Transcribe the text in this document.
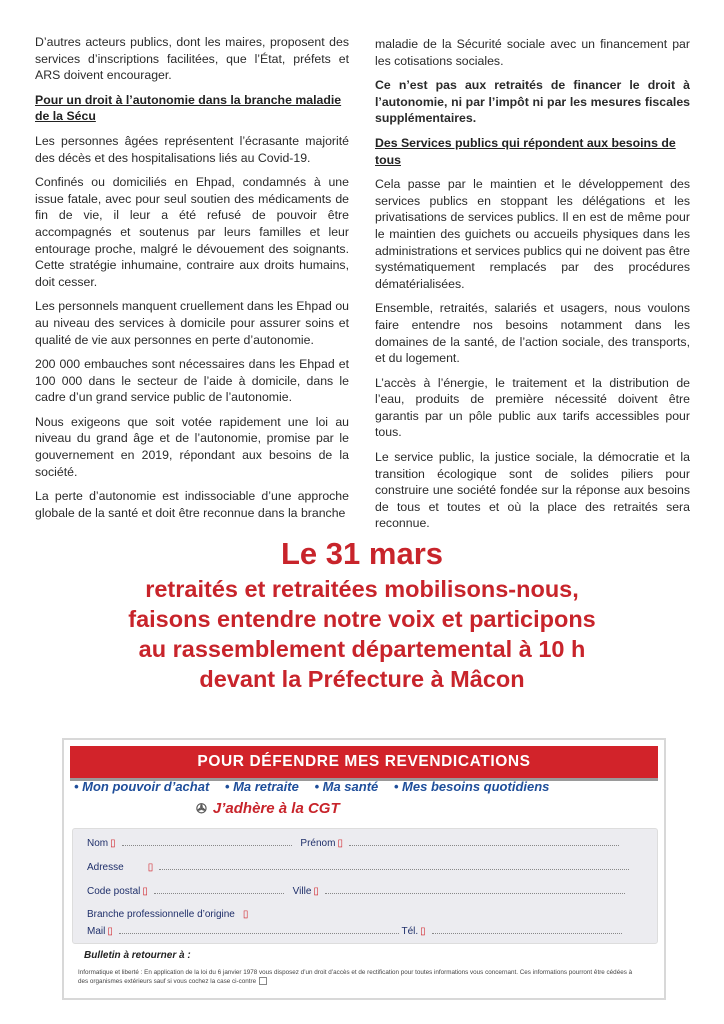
D’autres acteurs publics, dont les maires, proposent des services d’inscriptions facilitées, que l’État, préfets et ARS doivent encourager.

Pour un droit à l’autonomie dans la branche maladie de la Sécu

Les personnes âgées représentent l’écrasante majorité des décès et des hospitalisations liés au Covid-19.

Confinés ou domiciliés en Ehpad, condamnés à une issue fatale, avec pour seul soutien des médicaments de fin de vie, il leur a été refusé de pouvoir être accompagnés et soutenus par leurs familles et leur entourage proche, malgré le dévouement des soignants. Cette stratégie inhumaine, contraire aux droits humains, doit cesser.

Les personnels manquent cruellement dans les Ehpad ou au niveau des services à domicile pour assurer soins et qualité de vie aux personnes en perte d’autonomie.

200 000 embauches sont nécessaires dans les Ehpad et 100 000 dans le secteur de l’aide à domicile, dans le cadre d’un grand service public de l’autonomie.

Nous exigeons que soit votée rapidement une loi au niveau du grand âge et de l’autonomie, promise par le gouvernement en 2019, répondant aux besoins de la société.

La perte d’autonomie est indissociable d’une approche globale de la santé et doit être reconnue dans la branche

maladie de la Sécurité sociale avec un financement par les cotisations sociales.

Ce n’est pas aux retraités de financer le droit à l’autonomie, ni par l’impôt ni par les mesures fiscales supplémentaires.

Des Services publics qui répondent aux besoins de tous

Cela passe par le maintien et le développement des services publics en stoppant les délégations et les privatisations de services publics. Il en est de même pour le maintien des guichets ou accueils physiques dans les administrations et services publics qui ne doivent pas être systématiquement remplacés par des procédures dématérialisées.

Ensemble, retraités, salariés et usagers, nous voulons faire entendre nos besoins notamment dans les domaines de la santé, de l’action sociale, des transports, et du logement.

L’accès à l’énergie, le traitement et la distribution de l’eau, produits de première nécessité doivent être garantis par un pôle public aux tarifs accessibles pour tous.

Le service public, la justice sociale, la démocratie et la transition écologique sont de solides piliers pour construire une société fondée sur la réponse aux besoins de tous et toutes et où la place des retraités sera reconnue.

Le 31 mars
retraités et retraitées mobilisons-nous,
faisons entendre notre voix et participons
au rassemblement départemental à 10 h
devant la Préfecture à Mâcon
POUR DÉFENDRE MES REVENDICATIONS
• Mon pouvoir d’achat • Ma retraite • Ma santé • Mes besoins quotidiens
✇ J’adhère à la CGT
Nom ▯	Prénom ▯
Adresse ▯
Code postal ▯	Ville ▯
Branche professionnelle d’origine ▯
Mail ▯	Tél. ▯
Bulletin à retourner à :
Informatique et liberté : En application de la loi du 6 janvier 1978 vous disposez d’un droit d’accès et de rectification pour toutes informations vous concernant. Ces informations pourront être cédées à des organismes extérieurs sauf si vous cochez la case ci-contre
